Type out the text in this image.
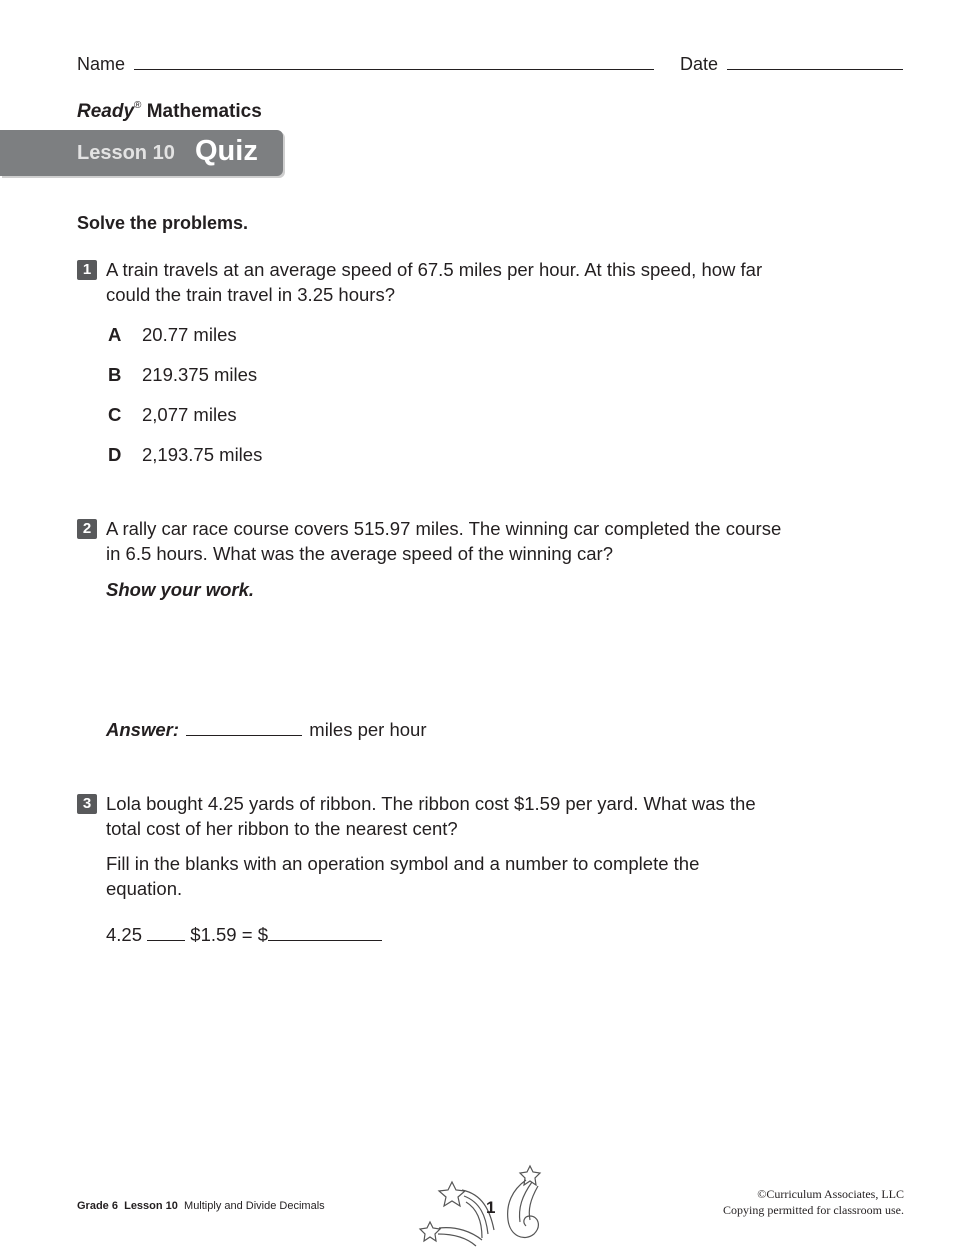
Name	Date
Ready® Mathematics
Lesson 10 Quiz
Solve the problems.
1 A train travels at an average speed of 67.5 miles per hour. At this speed, how far
could the train travel in 3.25 hours?
A 20.77 miles
B 219.375 miles
C 2,077 miles
D 2,193.75 miles
2 A rally car race course covers 515.97 miles. The winning car completed the course
in 6.5 hours. What was the average speed of the winning car?
Show your work.
Answer:	miles per hour
3 Lola bought 4.25 yards of ribbon. The ribbon cost $1.59 per yard. What was the
total cost of her ribbon to the nearest cent?
Fill in the blanks with an operation symbol and a number to complete the
equation.
4.25	$1.59 = $
Grade 6 Lesson 10 Multiply and Divide Decimals	1
©Curriculum Associates, LLC
Copying permitted for classroom use.
